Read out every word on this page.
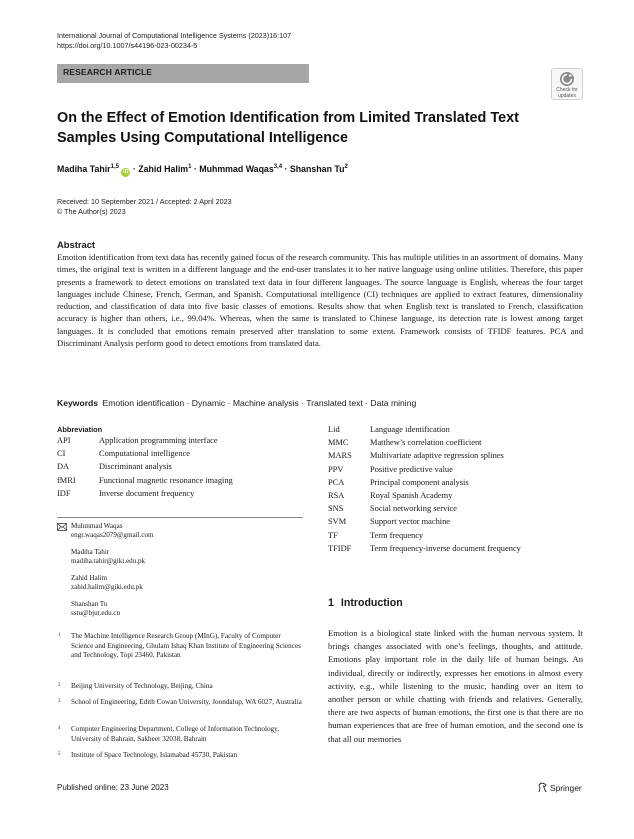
International Journal of Computational Intelligence Systems (2023)16:107
https://doi.org/10.1007/s44196-023-00234-5
RESEARCH ARTICLE
Check for updates
On the Effect of Emotion Identification from Limited Translated Text Samples Using Computational Intelligence
Madiha Tahir$^{1,5}$ iD · Zahid Halim$^1$ · Muhmmad Waqas$^{3,4}$ · Shanshan Tu$^2$
Received: 10 September 2021 / Accepted: 2 April 2023
© The Author(s) 2023
Abstract
Emotion identification from text data has recently gained focus of the research community. This has multiple utilities in an assortment of domains. Many times, the original text is written in a different language and the end-user translates it to her native language using online utilities. Therefore, this paper presents a framework to detect emotions on translated text data in four different languages. The source language is English, whereas the four target languages include Chinese, French, German, and Spanish. Computational intelligence (CI) techniques are applied to extract features, dimensionality reduction, and classification of data into five basic classes of emotions. Results show that when English text is translated to French, classification accuracy is higher than others, i.e., 99.04%. Whereas, when the same is translated to Chinese language, its detection rate is lowest among target languages. It is concluded that emotions remain preserved after translation to some extent. Framework consists of TFIDF features. PCA and Discriminant Analysis perform good to detect emotions from translated data.
Keywords Emotion identification · Dynamic · Machine analysis · Translated text · Data mining
Abbreviation
API	Application programming interface
CI	Computational intelligence
DA	Discriminant analysis
fMRI	Functional magnetic resonance imaging
IDF	Inverse document frequency
Lid	Language identification
MMC	Matthew’s correlation coefficient
MARS	Multivariate adaptive regression splines
PPV	Positive predictive value
PCA	Principal component analysis
RSA	Royal Spanish Academy
SNS	Social networking service
SVM	Support vector machine
TF	Term frequency
TFIDF	Term frequency-inverse document frequency
Muhmmad Waqas
engr.waqas2079@gmail.com
Madiha Tahir
madiha.tahir@giki.edu.pk
Zahid Halim
zahid.halim@giki.edu.pk
Shanshan Tu
sstu@bjut.edu.cn
1 The Machine Intelligence Research Group (MInG), Faculty of Computer Science and Engineering, Ghulam Ishaq Khan Institute of Engineering Sciences and Technology, Topi 23460, Pakistan
2 Beijing University of Technology, Beijing, China
3 School of Engineering, Edith Cowan University, Joondalup, WA 6027, Australia
4 Computer Engineering Department, College of Information Technology, University of Bahrain, Sakheer 32038, Bahrain
5 Institute of Space Technology, Islamabad 45730, Pakistan
1 Introduction
Emotion is a biological state linked with the human nervous system. It brings changes associated with one’s feelings, thoughts, and attitude. Emotions play important role in the daily life of human beings. An individual, directly or indirectly, expresses her emotions in almost every activity, e.g., while listening to the music, handing over an item to another person or while chatting with friends and relatives. Generally, there are two aspects of human emotions, the first one is that there are no human experiences that are free of human emotion, and the second one is that all our memories
Published online: 23 June 2023	Springer
